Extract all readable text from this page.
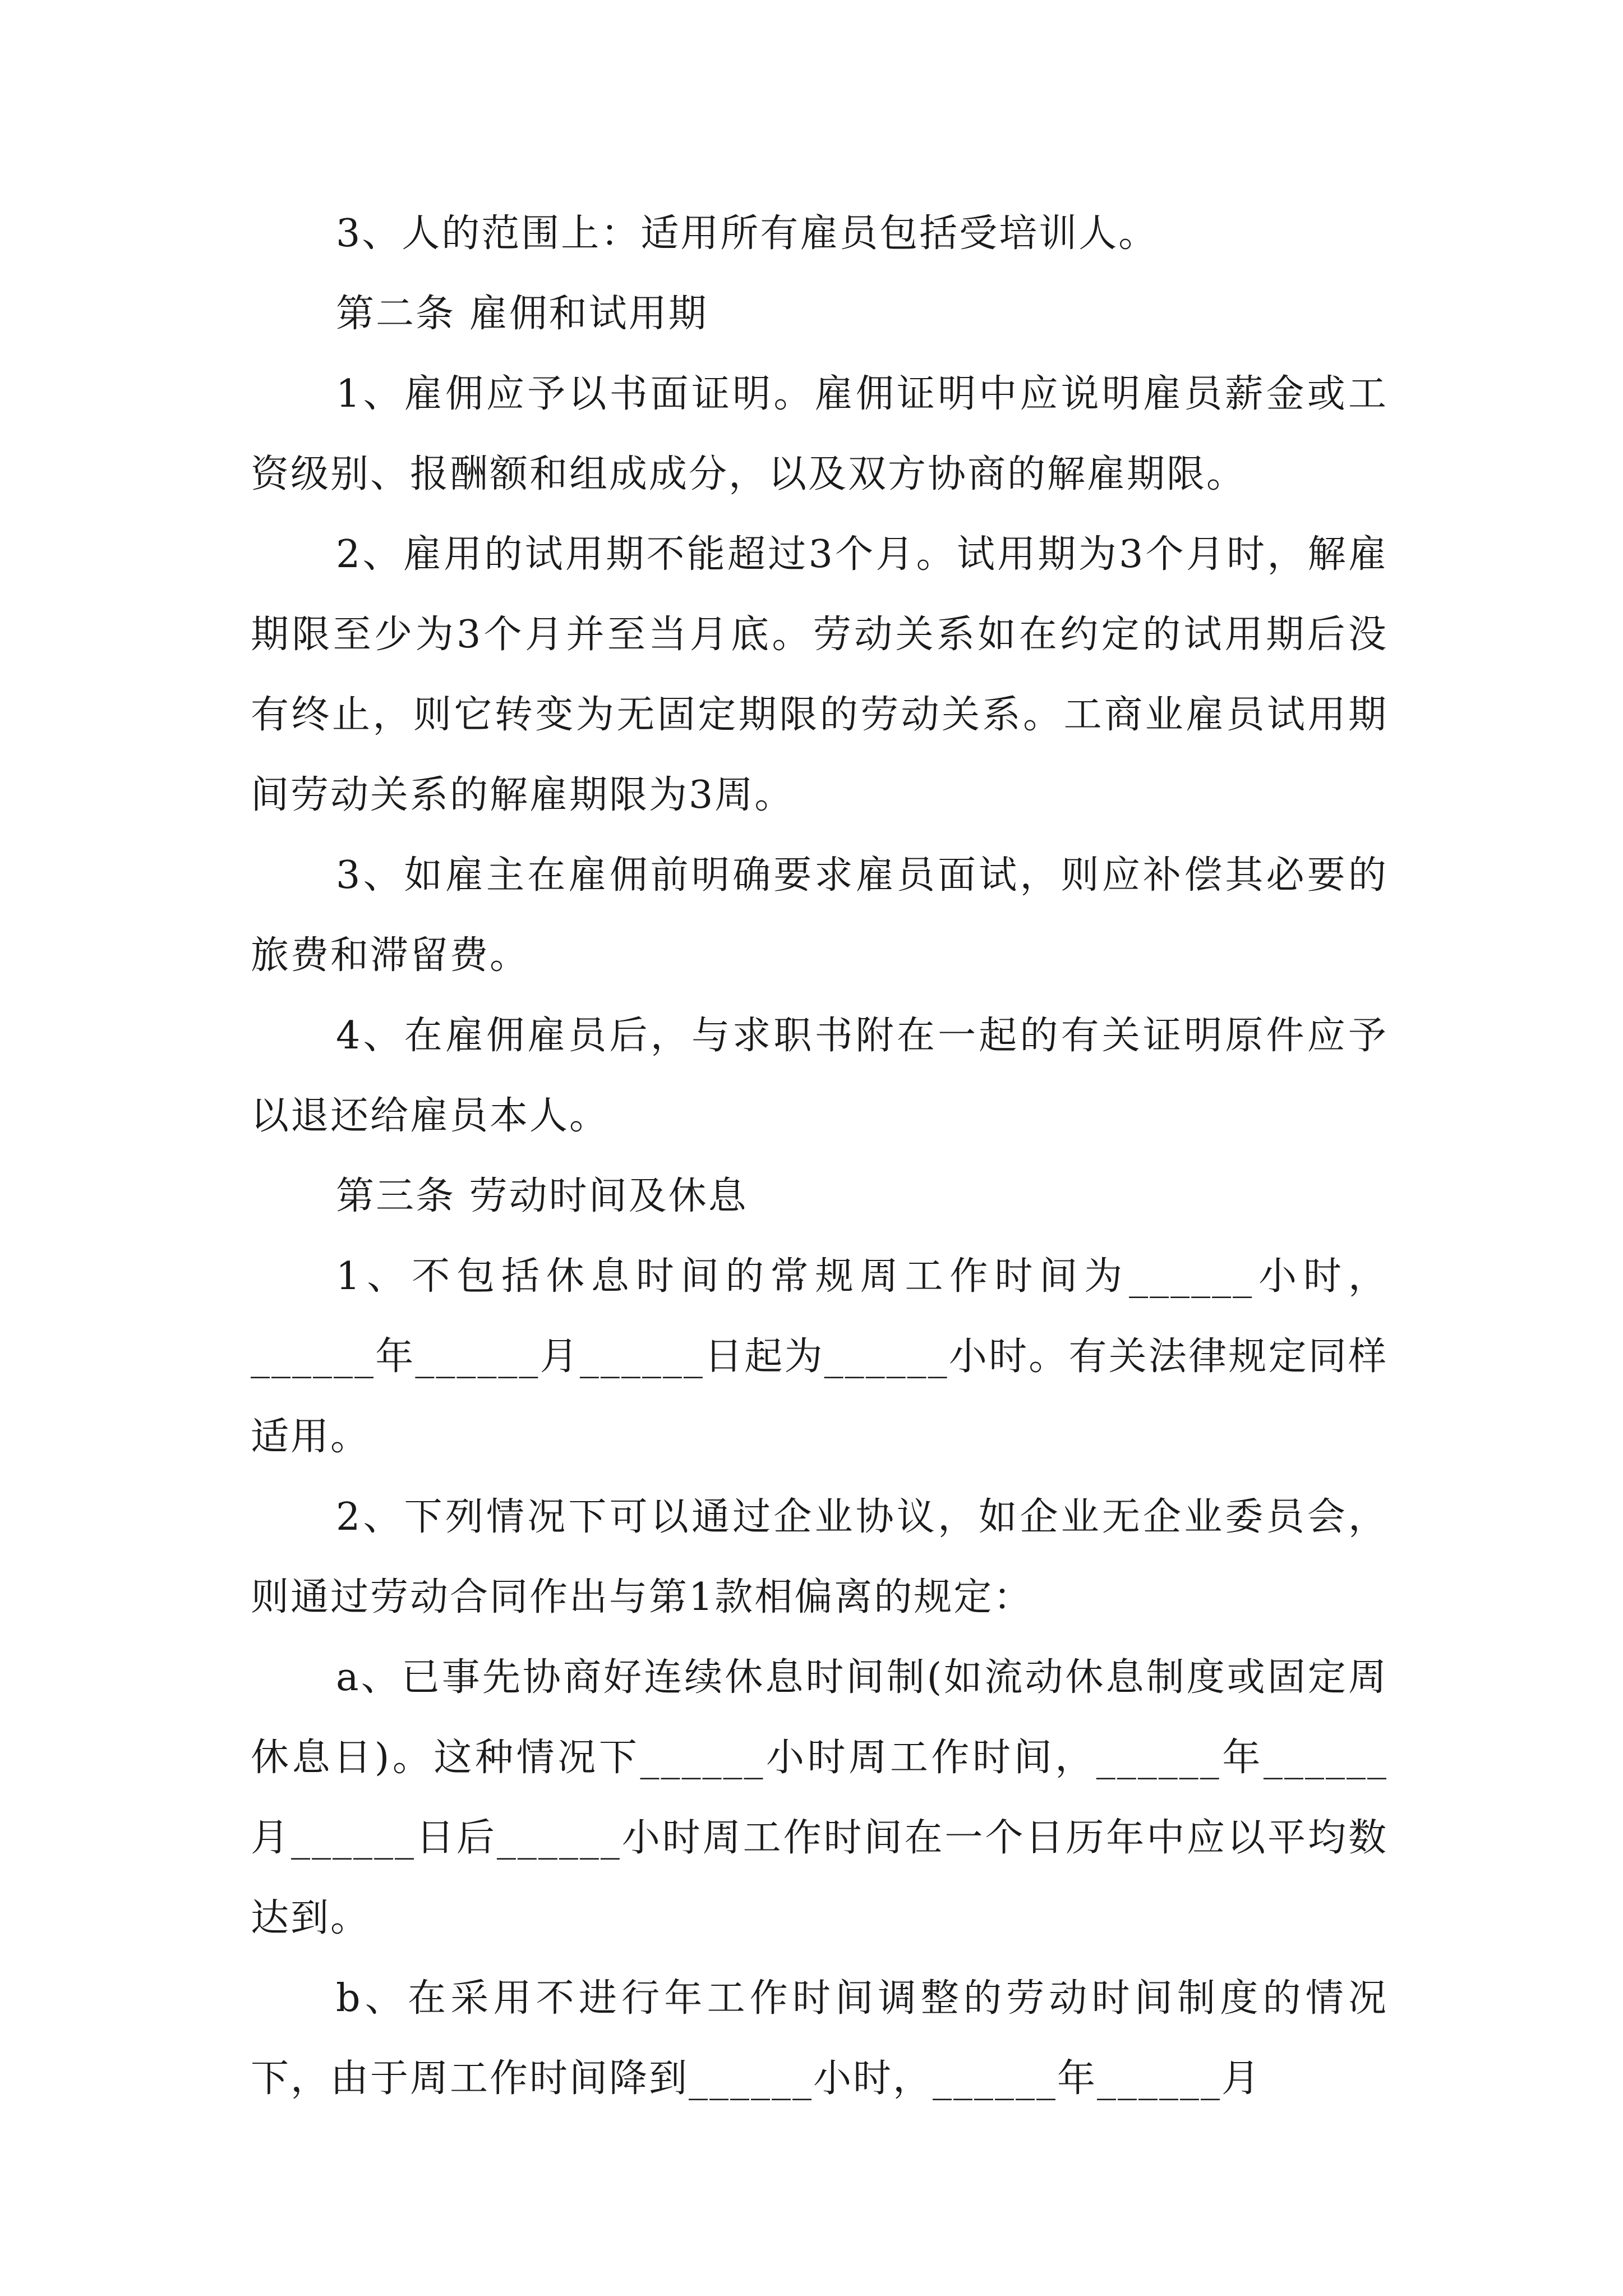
3、人的范围上：适用所有雇员包括受培训人。

第二条 雇佣和试用期

1、雇佣应予以书面证明。雇佣证明中应说明雇员薪金或工资级别、报酬额和组成成分，以及双方协商的解雇期限。

2、雇用的试用期不能超过3个月。试用期为3个月时，解雇期限至少为3个月并至当月底。劳动关系如在约定的试用期后没有终止，则它转变为无固定期限的劳动关系。工商业雇员试用期间劳动关系的解雇期限为3周。

3、如雇主在雇佣前明确要求雇员面试，则应补偿其必要的旅费和滞留费。

4、在雇佣雇员后，与求职书附在一起的有关证明原件应予以退还给雇员本人。

第三条 劳动时间及休息

1、不包括休息时间的常规周工作时间为______小时，______年______月______日起为______小时。有关法律规定同样适用。

2、下列情况下可以通过企业协议，如企业无企业委员会，则通过劳动合同作出与第1款相偏离的规定：

a、已事先协商好连续休息时间制(如流动休息制度或固定周休息日)。这种情况下______小时周工作时间，______年______月______日后______小时周工作时间在一个日历年中应以平均数达到。

b、在采用不进行年工作时间调整的劳动时间制度的情况下，由于周工作时间降到______小时，______年______月
